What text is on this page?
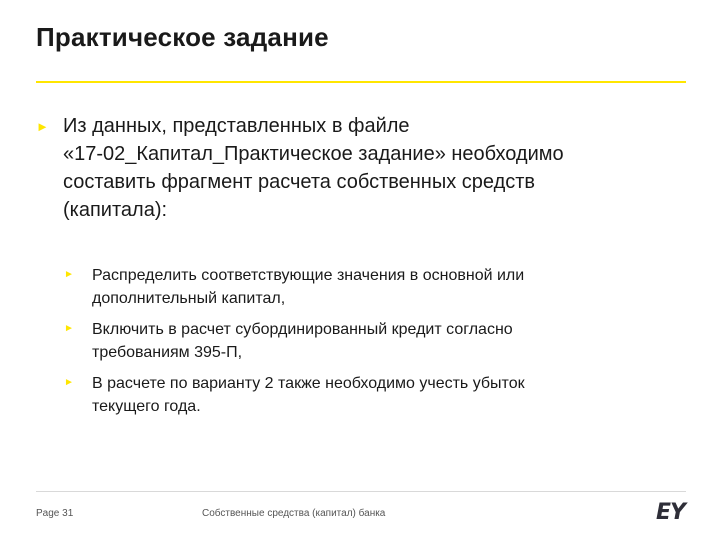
Практическое задание
► Из данных, представленных в файле
«17-02_Капитал_Практическое задание» необходимо
составить фрагмент расчета собственных средств
(капитала):
►	Распределить соответствующие значения в основной или
дополнительный капитал,
►	Включить в расчет субординированный кредит согласно
требованиям 395-П,
►	В расчете по варианту 2 также необходимо учесть убыток
текущего года.
Page 31	Собственные средства (капитал) банка	EY
